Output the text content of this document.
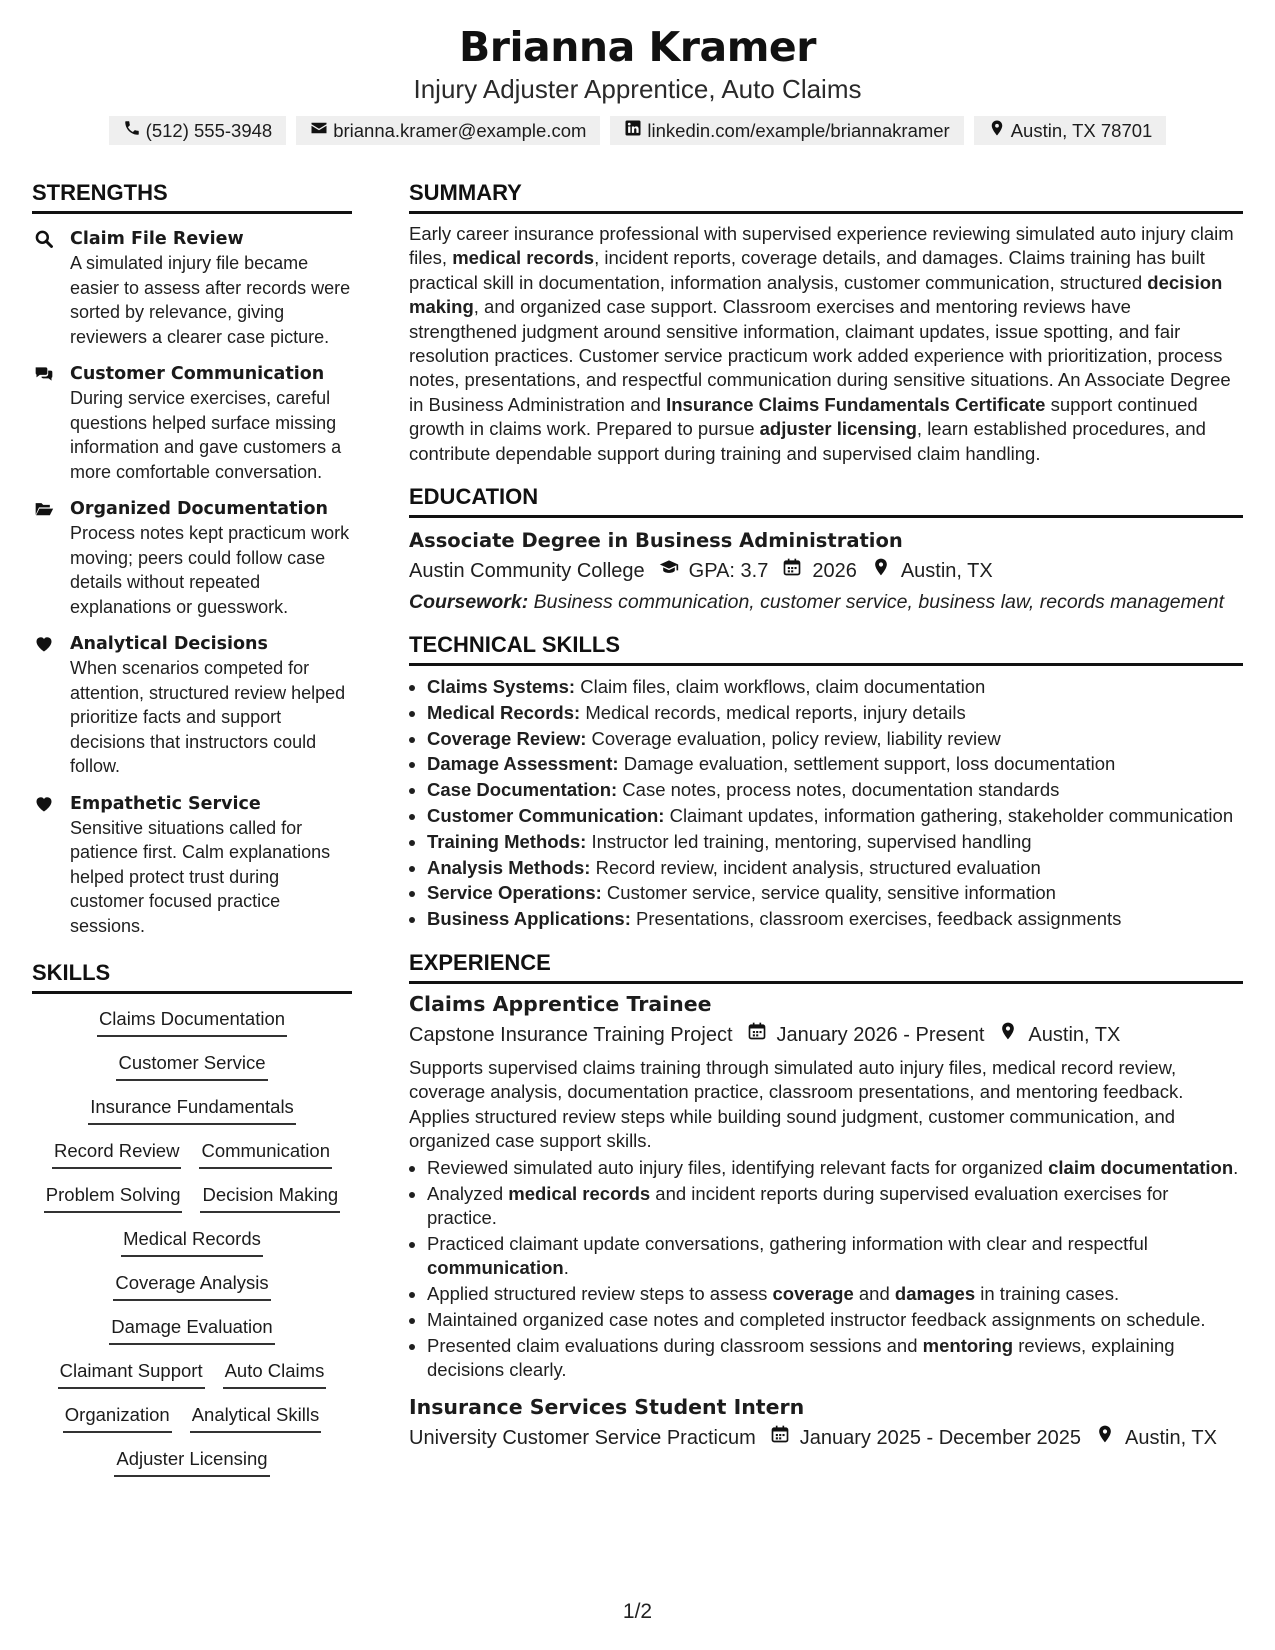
Brianna Kramer
Injury Adjuster Apprentice, Auto Claims
(512) 555-3948	brianna.kramer@example.com	linkedin.com/example/briannakramer	Austin, TX 78701
STRENGTHS
Claim File Review
A simulated injury file became easier to assess after records were sorted by relevance, giving reviewers a clearer case picture.
Customer Communication
During service exercises, careful questions helped surface missing information and gave customers a more comfortable conversation.
Organized Documentation
Process notes kept practicum work moving; peers could follow case details without repeated explanations or guesswork.
Analytical Decisions
When scenarios competed for attention, structured review helped prioritize facts and support decisions that instructors could follow.
Empathetic Service
Sensitive situations called for patience first. Calm explanations helped protect trust during customer focused practice sessions.
SKILLS
Claims Documentation
Customer Service
Insurance Fundamentals
Record Review Communication
Problem Solving Decision Making
Medical Records
Coverage Analysis
Damage Evaluation
Claimant Support Auto Claims
Organization Analytical Skills
Adjuster Licensing
SUMMARY
Early career insurance professional with supervised experience reviewing simulated auto injury claim files, medical records, incident reports, coverage details, and damages. Claims training has built practical skill in documentation, information analysis, customer communication, structured decision making, and organized case support. Classroom exercises and mentoring reviews have strengthened judgment around sensitive information, claimant updates, issue spotting, and fair resolution practices. Customer service practicum work added experience with prioritization, process notes, presentations, and respectful communication during sensitive situations. An Associate Degree in Business Administration and Insurance Claims Fundamentals Certificate support continued growth in claims work. Prepared to pursue adjuster licensing, learn established procedures, and contribute dependable support during training and supervised claim handling.
EDUCATION
Associate Degree in Business Administration
Austin Community College GPA: 3.7 2026 Austin, TX
Coursework: Business communication, customer service, business law, records management
TECHNICAL SKILLS
• Claims Systems: Claim files, claim workflows, claim documentation
• Medical Records: Medical records, medical reports, injury details
• Coverage Review: Coverage evaluation, policy review, liability review
• Damage Assessment: Damage evaluation, settlement support, loss documentation
• Case Documentation: Case notes, process notes, documentation standards
• Customer Communication: Claimant updates, information gathering, stakeholder communication
• Training Methods: Instructor led training, mentoring, supervised handling
• Analysis Methods: Record review, incident analysis, structured evaluation
• Service Operations: Customer service, service quality, sensitive information
• Business Applications: Presentations, classroom exercises, feedback assignments
EXPERIENCE
Claims Apprentice Trainee
Capstone Insurance Training Project January 2026 - Present Austin, TX
Supports supervised claims training through simulated auto injury files, medical record review, coverage analysis, documentation practice, classroom presentations, and mentoring feedback. Applies structured review steps while building sound judgment, customer communication, and organized case support skills.
• Reviewed simulated auto injury files, identifying relevant facts for organized claim documentation.
• Analyzed medical records and incident reports during supervised evaluation exercises for practice.
• Practiced claimant update conversations, gathering information with clear and respectful communication.
• Applied structured review steps to assess coverage and damages in training cases.
• Maintained organized case notes and completed instructor feedback assignments on schedule.
• Presented claim evaluations during classroom sessions and mentoring reviews, explaining decisions clearly.
Insurance Services Student Intern
University Customer Service Practicum January 2025 - December 2025 Austin, TX
1/2
